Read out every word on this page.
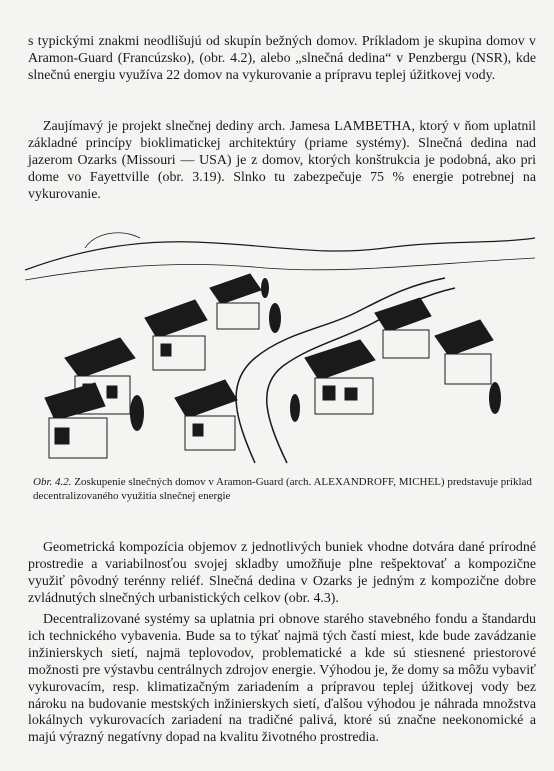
s typickými znakmi neodlišujú od skupín bežných domov. Príkladom je skupina domov v Aramon-Guard (Francúzsko), (obr. 4.2), alebo „slnečná dedina“ v Penzbergu (NSR), kde slnečnú energiu využíva 22 domov na vykurovanie a prípravu teplej úžitkovej vody.

Zaujímavý je projekt slnečnej dediny arch. Jamesa LAMBETHA, ktorý v ňom uplatnil základné princípy bioklimatickej architektúry (priame systémy). Slnečná dedina nad jazerom Ozarks (Missouri — USA) je z domov, ktorých konštrukcia je podobná, ako pri dome vo Fayettville (obr. 3.19). Slnko tu zabezpečuje 75 % energie potrebnej na vykurovanie.

Obr. 4.2. Zoskupenie slnečných domov v Aramon-Guard (arch. ALEXANDROFF, MICHEL) predstavuje príklad decentralizovaného využitia slnečnej energie

Geometrická kompozícia objemov z jednotlivých buniek vhodne dotvára dané prírodné prostredie a variabilnosťou svojej skladby umožňuje plne rešpektovať a kompozične využiť pôvodný terénny reliéf. Slnečná dedina v Ozarks je jedným z kompozične dobre zvládnutých slnečných urbanistických celkov (obr. 4.3).

Decentralizované systémy sa uplatnia pri obnove starého stavebného fondu a štandardu ich technického vybavenia. Bude sa to týkať najmä tých častí miest, kde bude zavádzanie inžinierskych sietí, najmä teplovodov, problematické a kde sú stiesnené priestorové možnosti pre výstavbu centrálnych zdrojov energie. Výhodou je, že domy sa môžu vybaviť vykurovacím, resp. klimatizačným zariadením a prípravou teplej úžitkovej vody bez nároku na budovanie mestských inžinierskych sietí, ďalšou výhodou je náhrada množstva lokálnych vykurovacích zariadení na tradičné palivá, ktoré sú značne neekonomické a majú výrazný negatívny dopad na kvalitu životného prostredia.
